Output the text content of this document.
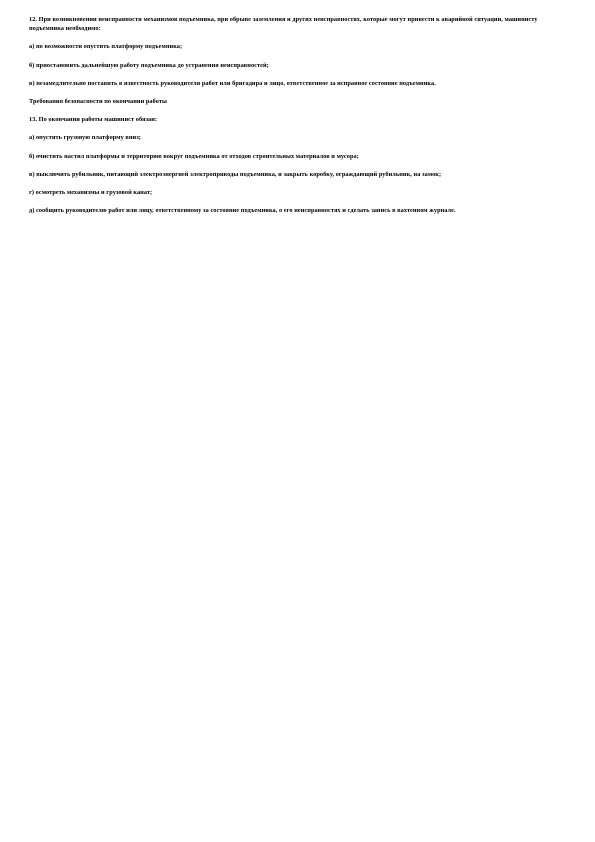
12. При возникновении неисправности механизмов подъемника, при обрыве заземления и других неисправностях, которые могут привести к аварийной ситуации, машинисту подъемника необходимо:

а) по возможности опустить платформу подъемника;

б) приостановить дальнейшую работу подъемника до устранения неисправностей;

в) незамедлительно поставить в известность руководителя работ или бригадира и лицо, ответственное за исправное состояние подъемника.

Требования безопасности по окончании работы

13. По окончании работы машинист обязан:

а) опустить грузовую платформу вниз;

б) очистить настил платформы и территорию вокруг подъемника от отходов строительных материалов и мусора;

в) выключить рубильник, питающий электроэнергией электроприводы подъемника, и закрыть коробку, ограждающий рубильник, на замок;

г) осмотреть механизмы и грузовой канат;

д) сообщить руководителю работ или лицу, ответственному за состояние подъемника, о его неисправностях и сделать запись в вахтенном журнале.
